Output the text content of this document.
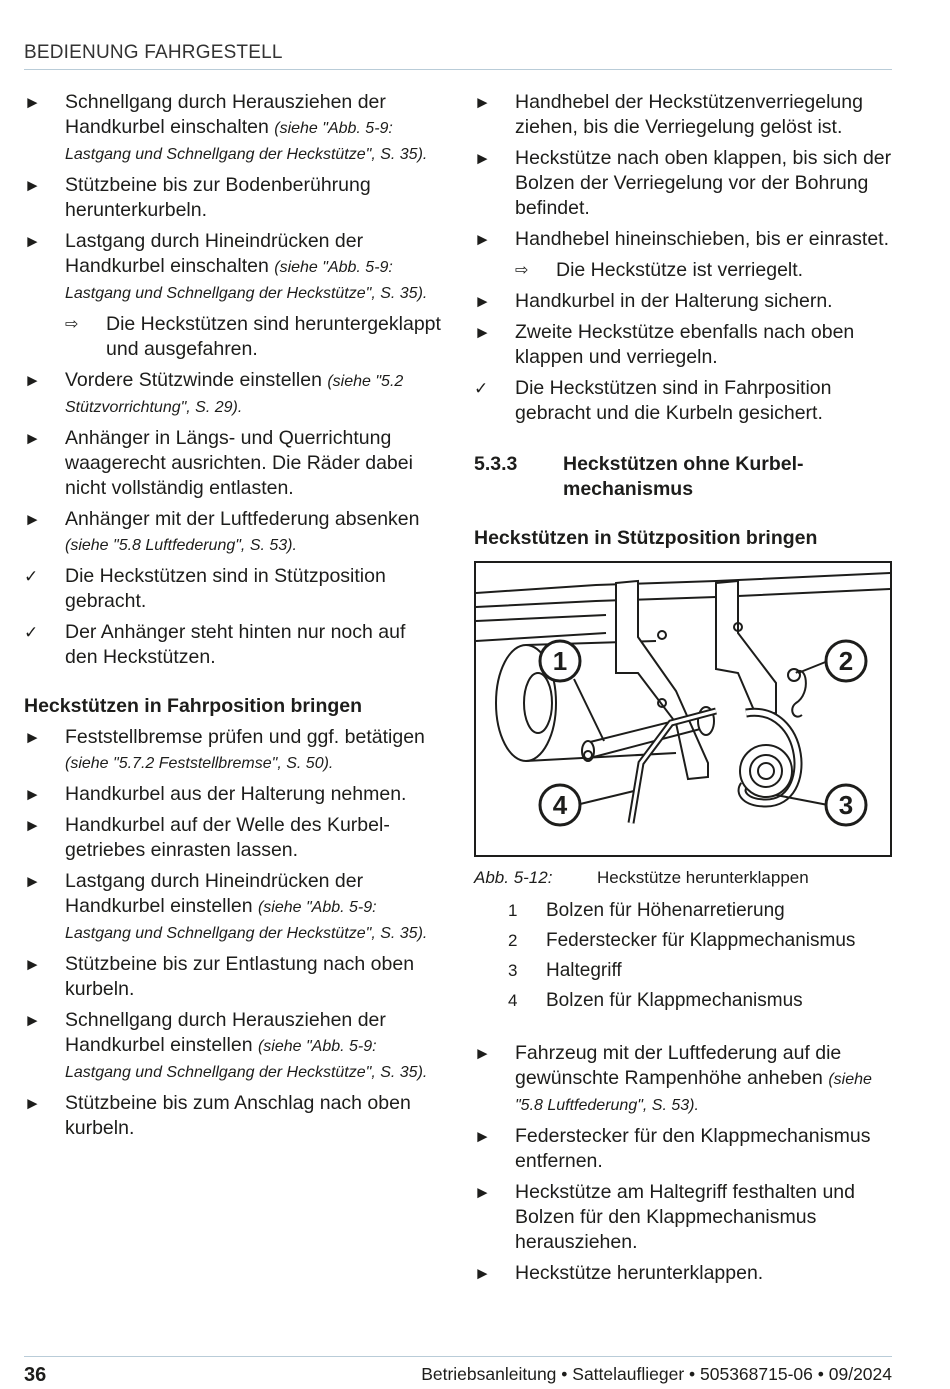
BEDIENUNG FAHRGESTELL
► Schnellgang durch Herausziehen der Handkurbel einschalten (siehe "Abb. 5-9: Lastgang und Schnellgang der Heckstütze", S. 35).
► Stützbeine bis zur Bodenberührung herunterkurbeln.
► Lastgang durch Hineindrücken der Handkurbel einschalten (siehe "Abb. 5-9: Lastgang und Schnellgang der Heckstütze", S. 35).
⇨ Die Heckstützen sind heruntergeklappt und ausgefahren.
► Vordere Stützwinde einstellen (siehe "5.2 Stützvorrichtung", S. 29).
► Anhänger in Längs- und Querrichtung waagerecht ausrichten. Die Räder dabei nicht vollständig entlasten.
► Anhänger mit der Luftfederung absenken (siehe "5.8 Luftfederung", S. 53).
✓ Die Heckstützen sind in Stützposition gebracht.
✓ Der Anhänger steht hinten nur noch auf den Heckstützen.
Heckstützen in Fahrposition bringen
► Feststellbremse prüfen und ggf. betätigen (siehe "5.7.2 Feststellbremse", S. 50).
► Handkurbel aus der Halterung nehmen.
► Handkurbel auf der Welle des Kurbelgetriebes einrasten lassen.
► Lastgang durch Hineindrücken der Handkurbel einstellen (siehe "Abb. 5-9: Lastgang und Schnellgang der Heckstütze", S. 35).
► Stützbeine bis zur Entlastung nach oben kurbeln.
► Schnellgang durch Herausziehen der Handkurbel einstellen (siehe "Abb. 5-9: Lastgang und Schnellgang der Heckstütze", S. 35).
► Stützbeine bis zum Anschlag nach oben kurbeln.
► Handhebel der Heckstützenverriegelung ziehen, bis die Verriegelung gelöst ist.
► Heckstütze nach oben klappen, bis sich der Bolzen der Verriegelung vor der Bohrung befindet.
► Handhebel hineinschieben, bis er einrastet.
⇨ Die Heckstütze ist verriegelt.
► Handkurbel in der Halterung sichern.
► Zweite Heckstütze ebenfalls nach oben klappen und verriegeln.
✓ Die Heckstützen sind in Fahrposition gebracht und die Kurbeln gesichert.
5.3.3 Heckstützen ohne Kurbelmechanismus
Heckstützen in Stützposition bringen
1	2
3
4
Abb. 5-12:	Heckstütze herunterklappen
1 Bolzen für Höhenarretierung
2 Federstecker für Klappmechanismus
3 Haltegriff
4 Bolzen für Klappmechanismus
► Fahrzeug mit der Luftfederung auf die gewünschte Rampenhöhe anheben (siehe "5.8 Luftfederung", S. 53).
► Federstecker für den Klappmechanismus entfernen.
► Heckstütze am Haltegriff festhalten und Bolzen für den Klappmechanismus herausziehen.
► Heckstütze herunterklappen.
36	Betriebsanleitung • Sattelauflieger • 505368715-06 • 09/2024
